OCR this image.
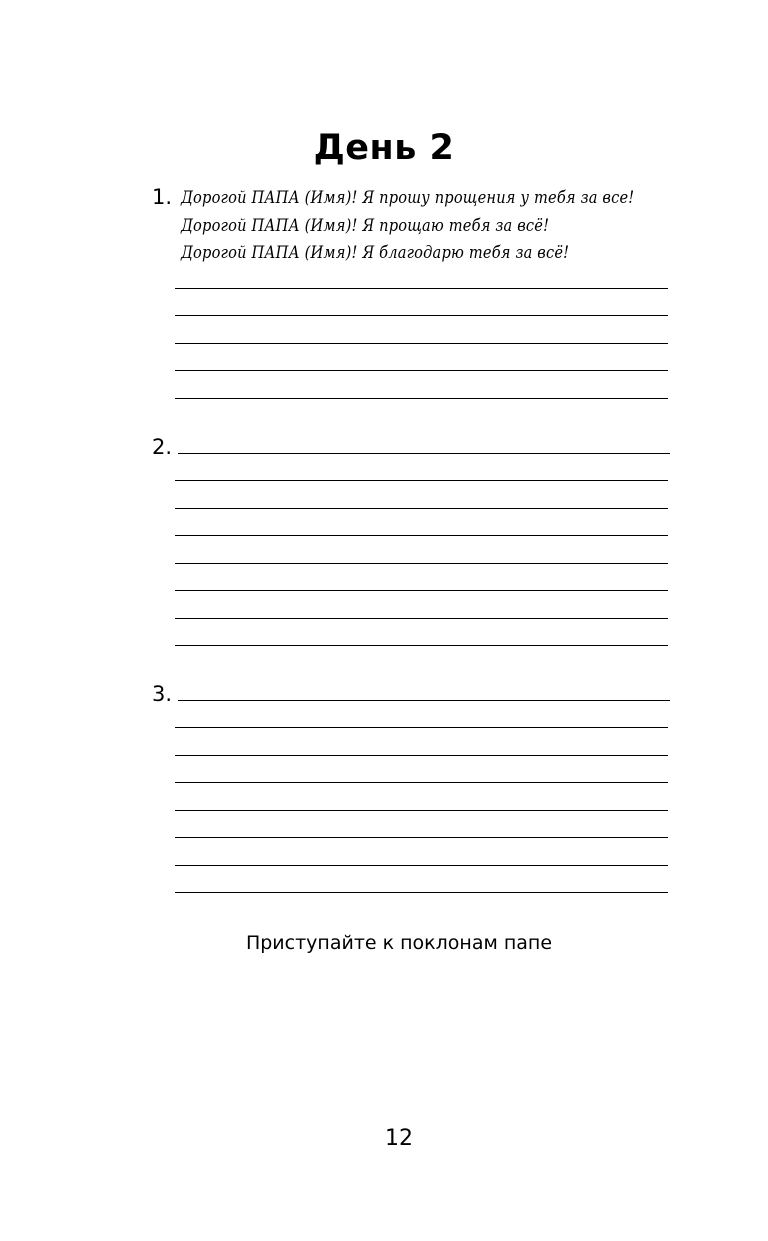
День 2
1. Дорогой ПАПА (Имя)! Я прошу прощения у тебя за все!

Дорогой ПАПА (Имя)! Я прощаю тебя за всё!

Дорогой ПАПА (Имя)! Я благодарю тебя за всё!

2.
3.
Приступайте к поклонам папе
12
